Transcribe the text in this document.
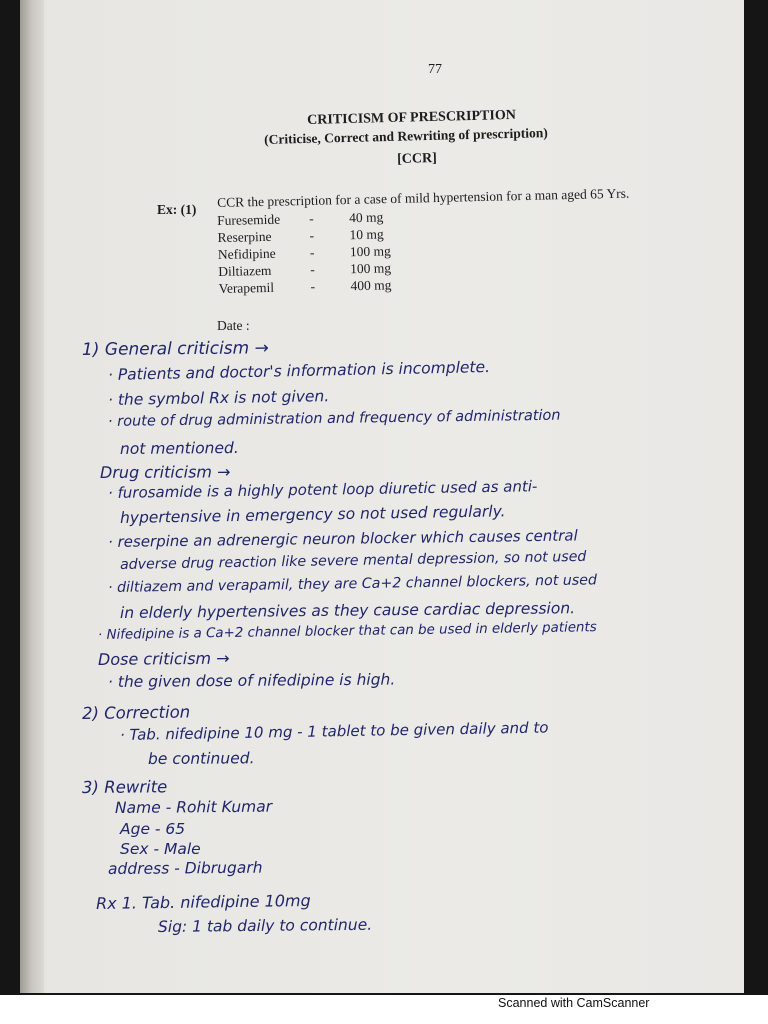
77
CRITICISM OF PRESCRIPTION
(Criticise, Correct and Rewriting of prescription)
[CCR]
Ex: (1) CCR the prescription for a case of mild hypertension for a man aged 65 Yrs.
Furesemide	-	40 mg
Reserpine	-	10 mg
Nefidipine	-	100 mg
Diltiazem	-	100 mg
Verapemil	-	400 mg
Date :
1) General criticism →
· Patients and doctor's information is incomplete.
· the symbol Rx is not given.
· route of drug administration and frequency of administration
not mentioned.
Drug criticism →
· furosamide is a highly potent loop diuretic used as anti-
hypertensive in emergency so not used regularly.
· reserpine an adrenergic neuron blocker which causes central
adverse drug reaction like severe mental depression, so not used
· diltiazem and verapamil, they are Ca+2 channel blockers, not used
in elderly hypertensives as they cause cardiac depression.
· Nifedipine is a Ca+2 channel blocker that can be used in elderly patients
Dose criticism →
· the given dose of nifedipine is high.
2) Correction
· Tab. nifedipine 10 mg - 1 tablet to be given daily and to
be continued.
3) Rewrite
Name - Rohit Kumar
Age - 65
Sex - Male
address - Dibrugarh
Rx 1. Tab. nifedipine 10mg
Sig: 1 tab daily to continue.
Scanned with CamScanner
